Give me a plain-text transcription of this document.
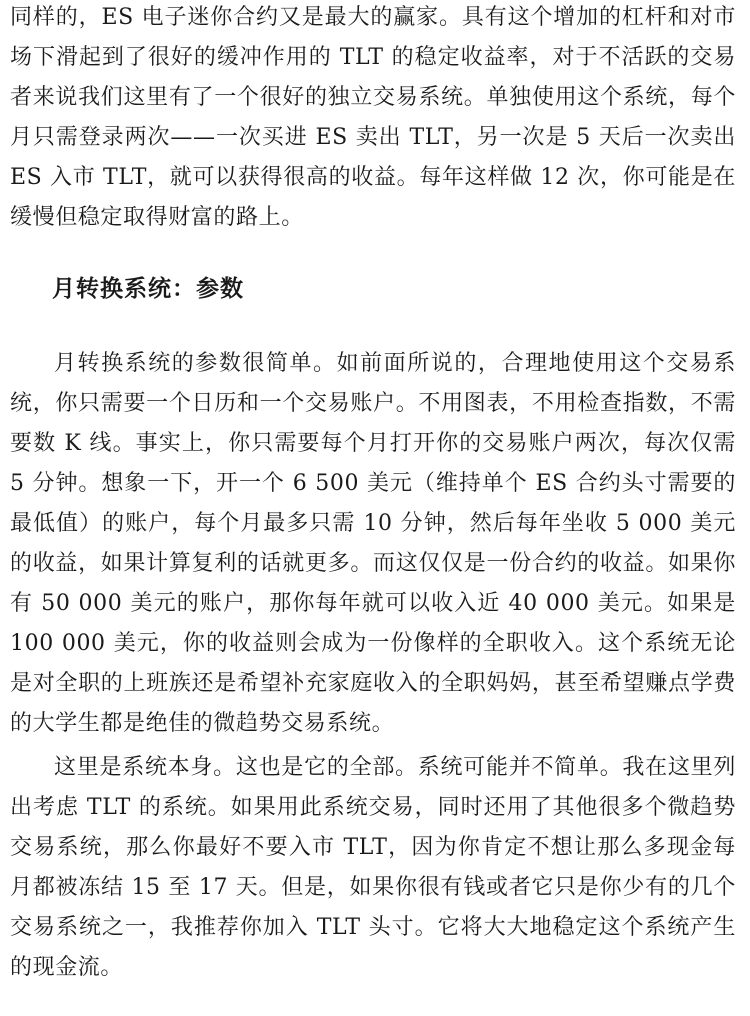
同样的，ES 电子迷你合约又是最大的赢家。具有这个增加的杠杆和对市场下滑起到了很好的缓冲作用的 TLT 的稳定收益率，对于不活跃的交易者来说我们这里有了一个很好的独立交易系统。单独使用这个系统，每个月只需登录两次——一次买进 ES 卖出 TLT，另一次是 5 天后一次卖出 ES 入市 TLT，就可以获得很高的收益。每年这样做 12 次，你可能是在缓慢但稳定取得财富的路上。

月转换系统：参数

月转换系统的参数很简单。如前面所说的，合理地使用这个交易系统，你只需要一个日历和一个交易账户。不用图表，不用检查指数，不需要数 K 线。事实上，你只需要每个月打开你的交易账户两次，每次仅需 5 分钟。想象一下，开一个 6 500 美元（维持单个 ES 合约头寸需要的最低值）的账户，每个月最多只需 10 分钟，然后每年坐收 5 000 美元的收益，如果计算复利的话就更多。而这仅仅是一份合约的收益。如果你有 50 000 美元的账户，那你每年就可以收入近 40 000 美元。如果是 100 000 美元，你的收益则会成为一份像样的全职收入。这个系统无论是对全职的上班族还是希望补充家庭收入的全职妈妈，甚至希望赚点学费的大学生都是绝佳的微趋势交易系统。

这里是系统本身。这也是它的全部。系统可能并不简单。我在这里列出考虑 TLT 的系统。如果用此系统交易，同时还用了其他很多个微趋势交易系统，那么你最好不要入市 TLT，因为你肯定不想让那么多现金每月都被冻结 15 至 17 天。但是，如果你很有钱或者它只是你少有的几个交易系统之一，我推荐你加入 TLT 头寸。它将大大地稳定这个系统产生的现金流。
